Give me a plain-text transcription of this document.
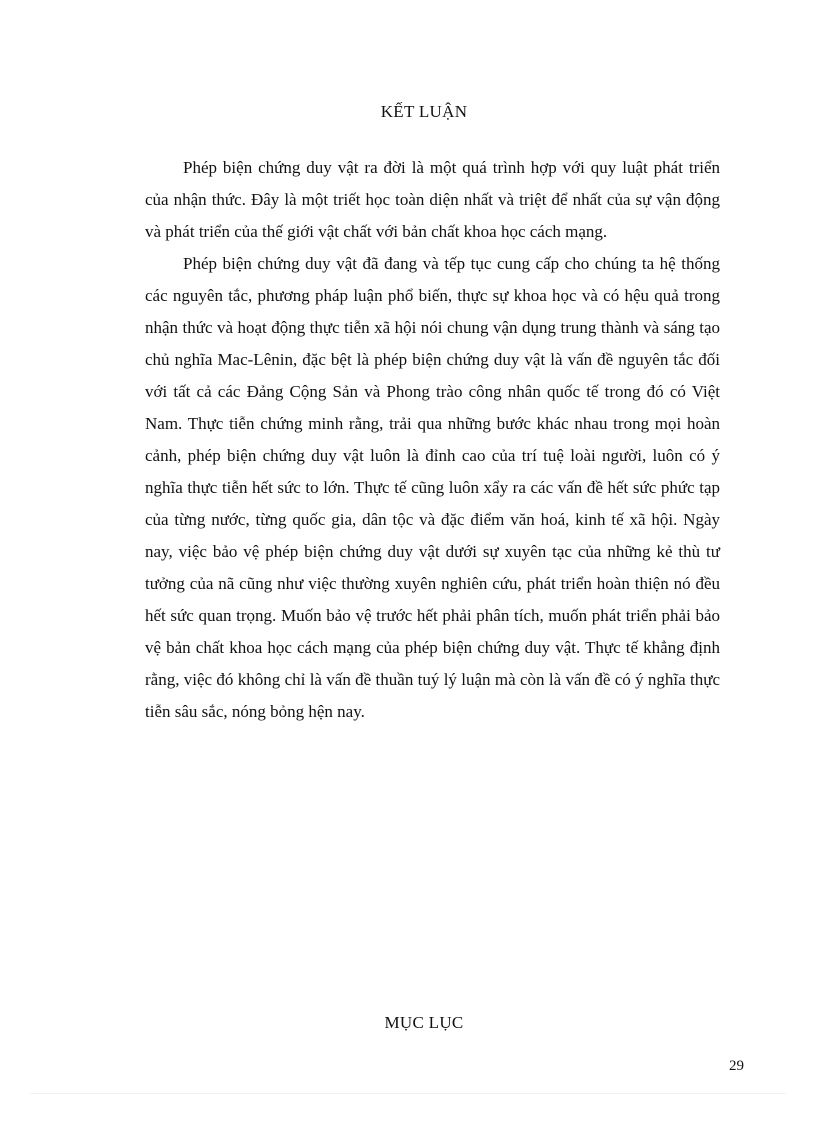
KẾT LUẬN

Phép biện chứng duy vật ra đời là một quá trình hợp với quy luật phát triển của nhận thức. Đây là một triết học toàn diện nhất và triệt để nhất của sự vận động và phát triển của thế giới vật chất với bản chất khoa học cách mạng.

Phép biện chứng duy vật đã đang và tếp tục cung cấp cho chúng ta hệ thống các nguyên tắc, phương pháp luận phổ biến, thực sự khoa học và có hệu quả trong nhận thức và hoạt động thực tiễn xã hội nói chung vận dụng trung thành và sáng tạo chủ nghĩa Mac-Lênin, đặc bệt là phép biện chứng duy vật là vấn đề nguyên tắc đối với tất cả các Đảng Cộng Sản và Phong trào công nhân quốc tế trong đó có Việt Nam. Thực tiễn chứng minh rằng, trải qua những bước khác nhau trong mọi hoàn cảnh, phép biện chứng duy vật luôn là đỉnh cao của trí tuệ loài người, luôn có ý nghĩa thực tiễn hết sức to lớn. Thực tế cũng luôn xẩy ra các vấn đề hết sức phức tạp của từng nước, từng quốc gia, dân tộc và đặc điểm văn hoá, kinh tế xã hội. Ngày nay, việc bảo vệ phép biện chứng duy vật dưới sự xuyên tạc của những kẻ thù tư tưởng của nã cũng như việc thường xuyên nghiên cứu, phát triển hoàn thiện nó đều hết sức quan trọng. Muốn bảo vệ trước hết phải phân tích, muốn phát triển phải bảo vệ bản chất khoa học cách mạng của phép biện chứng duy vật. Thực tế khẳng định rằng, việc đó không chỉ là vấn đề thuần tuý lý luận mà còn là vấn đề có ý nghĩa thực tiễn sâu sắc, nóng bỏng hện nay.

MỤC LỤC
29
